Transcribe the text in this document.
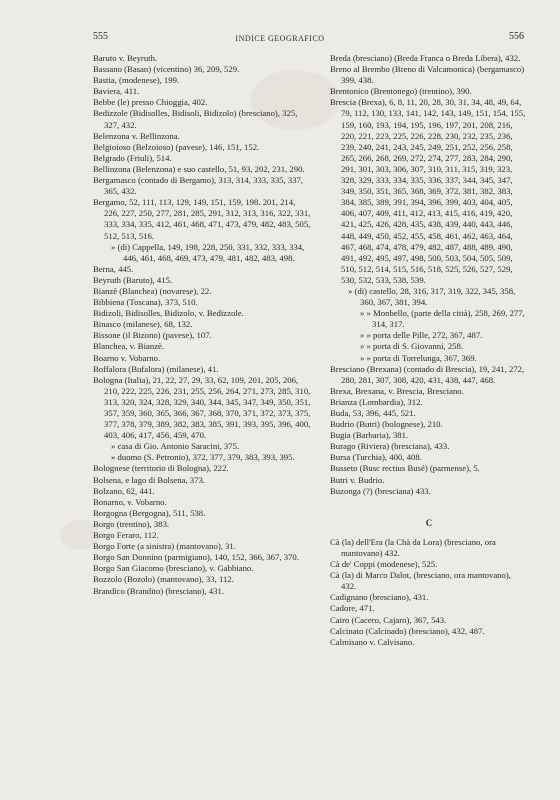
555	INDICE GEOGRAFICO	556

Baruto v. Beyruth.

Bassano (Basan) (vicentino) 36, 209, 529.

Bastia, (modenese), 199.

Baviera, 411.

Bebbe (le) presso Chioggia, 402.

Bedizzole (Bidisolles, Bidisoli, Bidizolo) (bresciano), 325, 327, 432.

Belenzona v. Bellinzona.

Belgioioso (Belzoioso) (pavese), 146, 151, 152.

Belgrado (Friuli), 514.

Bellinzona (Belenzona) e suo castello, 51, 93, 202, 231, 290.

Bergamasco (contado di Bergamo), 313, 314, 333, 335, 337, 365, 432.

Bergamo, 52, 111, 113, 129, 149, 151, 159, 198. 201, 214, 226, 227, 250, 277, 281, 285, 291, 312, 313, 316, 322, 331, 333, 334, 335, 412, 461, 468, 471, 473, 479, 482, 483, 505, 512, 513, 516.

» (di) Cappella, 149, 198, 228, 250, 331, 332, 333, 334, 446, 461, 468, 469, 473, 479, 481, 482, 483, 498.

Berna, 445.

Beyruth (Baruto), 415.

Bianzè (Blanchea) (novarese), 22.

Bibbiena (Toscana), 373, 510.

Bidizoli, Bidisolles, Bidizolo, v. Bedizzole.

Binasco (milanese), 68, 132.

Bissone (il Bizono) (pavese), 107.

Blanchea, v. Bianzè.

Boarno v. Vobarno.

Boffalora (Bufalora) (milanese), 41.

Bologna (Italia), 21, 22, 27, 29, 33, 62, 109, 201, 205, 206, 210, 222, 225, 226, 231, 255, 256, 264, 271, 273, 285, 310, 313, 320, 324, 328, 329, 340, 344, 345, 347, 349, 350, 351, 357, 359, 360, 365, 366, 367, 368, 370, 371, 372, 373, 375, 377, 378, 379, 389, 382, 383, 385, 391, 393, 395, 396, 400, 403, 406, 417, 456, 459, 470.

» casa di Gio. Antonio Saracini, 375.

» duomo (S. Petronio), 372, 377, 379, 383, 393, 395.

Bolognese (territorio di Bologna), 222.

Bolsena, e lago di Bolsena, 373.

Bolzano, 62, 441.

Bonarno, v. Vobarno.

Borgogna (Bergogna), 511, 538.

Borgo (trentino), 383.

Borgo Feraro, 112.

Borgo Forte (a sinistra) (mantovano), 31.

Borgo San Donnino (parmigiano), 140, 152, 366, 367, 370.

Borgo San Giacomo (bresciano), v. Gabbiano.

Bozzolo (Bozolo) (mantovano), 33, 112.

Brandico (Brandito) (bresciano), 431.

Breda (bresciano) (Breda Franca o Breda Libera), 432.

Breno al Brembo (Breno di Valcamonica) (bergamasco) 399, 438.

Brentonico (Brentonego) (trentino), 390.

Brescia (Brexa), 6, 8, 11, 20, 28, 30, 31, 34, 48, 49, 64, 79, 112, 130, 133, 141, 142, 143, 149, 151, 154, 155, 159, 160, 193, 194, 195, 196, 197, 201, 208, 216, 220, 221, 223, 225, 226, 228, 230, 232, 235, 236, 239, 240, 241, 243, 245, 249, 251, 252, 256, 258, 265, 266, 268, 269, 272, 274, 277, 283, 284, 290, 291, 301, 303, 306, 307, 310, 311, 315, 319, 323, 328, 329, 333, 334, 335, 336, 337, 344, 345, 347, 349, 350, 351, 365, 368, 369, 372, 381, 382, 383, 384, 385, 389, 391, 394, 396, 399, 403, 404, 405, 406, 407, 409, 411, 412, 413, 415, 416, 419, 420, 421, 425, 426, 428, 435, 438, 439, 440, 443, 446, 448, 449, 450, 452, 455, 458, 461, 462, 463, 464, 467, 468, 474, 478, 479, 482, 487, 488, 489, 490, 491, 492, 495, 497, 498, 500, 503, 504, 505, 509, 510, 512, 514, 515, 516, 518, 525, 526, 527, 529, 530, 532, 533, 538, 539.

» (di) castello, 28, 316, 317, 319, 322, 345, 358, 360, 367, 381, 394.

» » Monbello, (parte della città), 258, 269, 277, 314, 317.

» » porta delle Pille, 272, 367, 487.

» » porta di S. Giovanni, 258.

» » porta di Torrelunga, 367, 369.

Bresciano (Brexana) (contado di Brescia), 19, 241, 272, 280, 281, 307, 308, 420, 431, 438, 447, 468.

Brexa, Brexana, v. Brescia, Bresciano.

Brianza (Lombardia), 312.

Buda, 53, 396, 445, 521.

Budrio (Butri) (bolognese), 210.

Bugia (Barbaria), 381.

Burago (Riviera) (bresciana), 433.

Bursa (Turchia), 400, 408.

Busseto (Busc rectius Busé) (parmense), 5.

Butri v. Budrio.

Buzonga (?) (bresciana) 433.

C

Cà (la) dell'Era (la Chà da Lora) (bresciano, ora mantovano) 432.

Cà de' Coppi (modenese), 525.

Cà (la) di Marco Dalot, (bresciano, ora mantovano), 432.

Cadignano (bresciano), 431.

Cadore, 471.

Cairo (Cacero, Cajaro), 367, 543.

Calcinato (Calcinado) (bresciano), 432, 487.

Calmisano v. Calvisano.
